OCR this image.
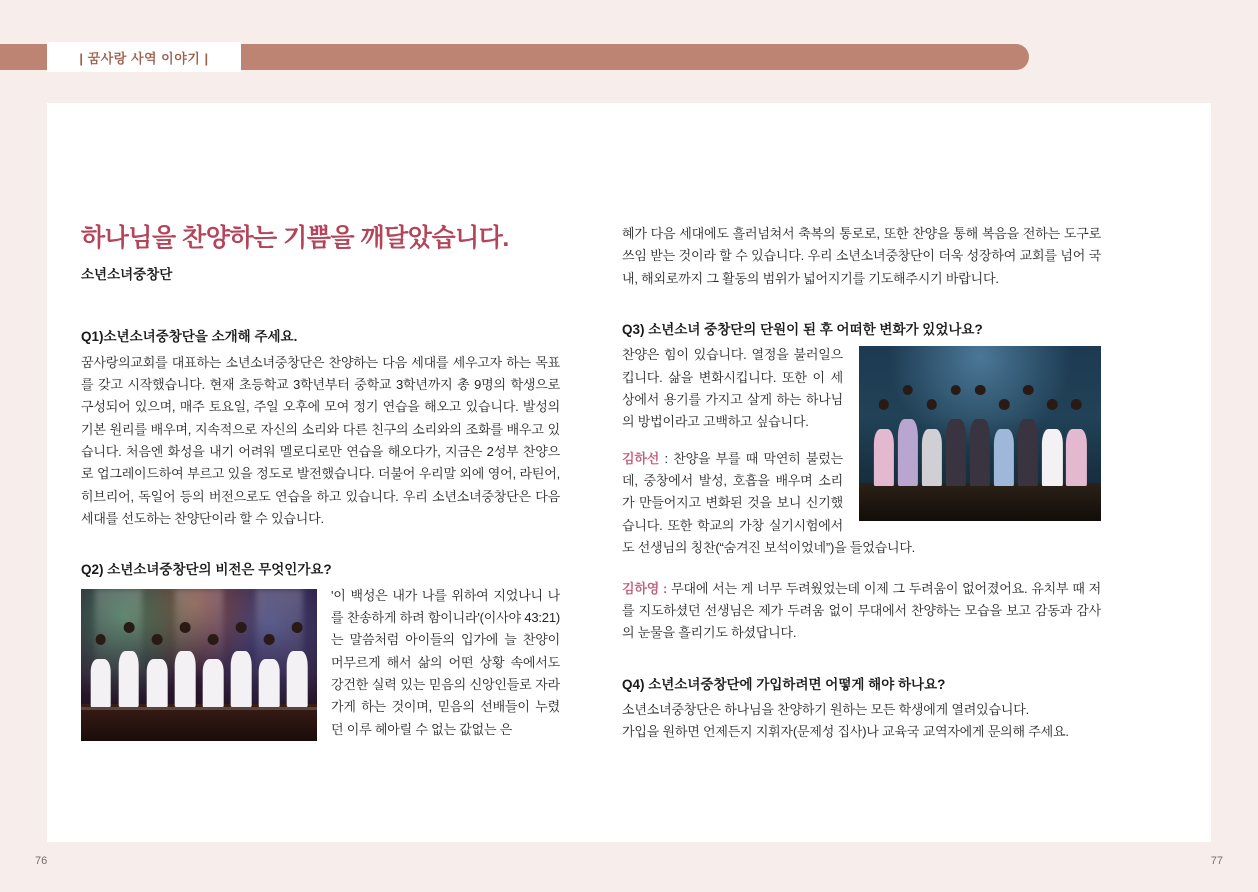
| 꿈사랑 사역 이야기 |
하나님을 찬양하는 기쁨을 깨달았습니다.
소년소녀중창단
Q1)소년소녀중창단을 소개해 주세요.

꿈사랑의교회를 대표하는 소년소녀중창단은 찬양하는 다음 세대를 세우고자 하는 목표를 갖고 시작했습니다. 현재 초등학교 3학년부터 중학교 3학년까지 총 9명의 학생으로 구성되어 있으며, 매주 토요일, 주일 오후에 모여 정기 연습을 해오고 있습니다. 발성의 기본 원리를 배우며, 지속적으로 자신의 소리와 다른 친구의 소리와의 조화를 배우고 있습니다. 처음엔 화성을 내기 어려워 멜로디로만 연습을 해오다가, 지금은 2성부 찬양으로 업그레이드하여 부르고 있을 정도로 발전했습니다. 더불어 우리말 외에 영어, 라틴어, 히브리어, 독일어 등의 버전으로도 연습을 하고 있습니다. 우리 소년소녀중창단은 다음 세대를 선도하는 찬양단이라 할 수 있습니다.

Q2) 소년소녀중창단의 비전은 무엇인가요?

'이 백성은 내가 나를 위하여 지었나니 나를 찬송하게 하려 함이니라'(이사야 43:21)는 말씀처럼 아이들의 입가에 늘 찬양이 머무르게 해서 삶의 어떤 상황 속에서도 강건한 실력 있는 믿음의 신앙인들로 자라가게 하는 것이며, 믿음의 선배들이 누렸던 이루 헤아릴 수 없는 값없는 은

혜가 다음 세대에도 흘러넘쳐서 축복의 통로로, 또한 찬양을 통해 복음을 전하는 도구로 쓰임 받는 것이라 할 수 있습니다. 우리 소년소녀중창단이 더욱 성장하여 교회를 넘어 국내, 해외로까지 그 활동의 범위가 넓어지기를 기도해주시기 바랍니다.

Q3) 소년소녀 중창단의 단원이 된 후 어떠한 변화가 있었나요?

찬양은 힘이 있습니다. 열정을 불러일으킵니다. 삶을 변화시킵니다. 또한 이 세상에서 용기를 가지고 살게 하는 하나님의 방법이라고 고백하고 싶습니다.

김하선 : 찬양을 부를 때 막연히 불렀는데, 중창에서 발성, 호흡을 배우며 소리가 만들어지고 변화된 것을 보니 신기했습니다. 또한 학교의 가창 실기시험에서도 선생님의 칭찬(“숨겨진 보석이었네”)을 들었습니다.

김하영 : 무대에 서는 게 너무 두려웠었는데 이제 그 두려움이 없어졌어요. 유치부 때 저를 지도하셨던 선생님은 제가 두려움 없이 무대에서 찬양하는 모습을 보고 감동과 감사의 눈물을 흘리기도 하셨답니다.

Q4) 소년소녀중창단에 가입하려면 어떻게 해야 하나요?

소년소녀중창단은 하나님을 찬양하기 원하는 모든 학생에게 열려있습니다.

가입을 원하면 언제든지 지휘자(문제성 집사)나 교육국 교역자에게 문의해 주세요.

76	77
